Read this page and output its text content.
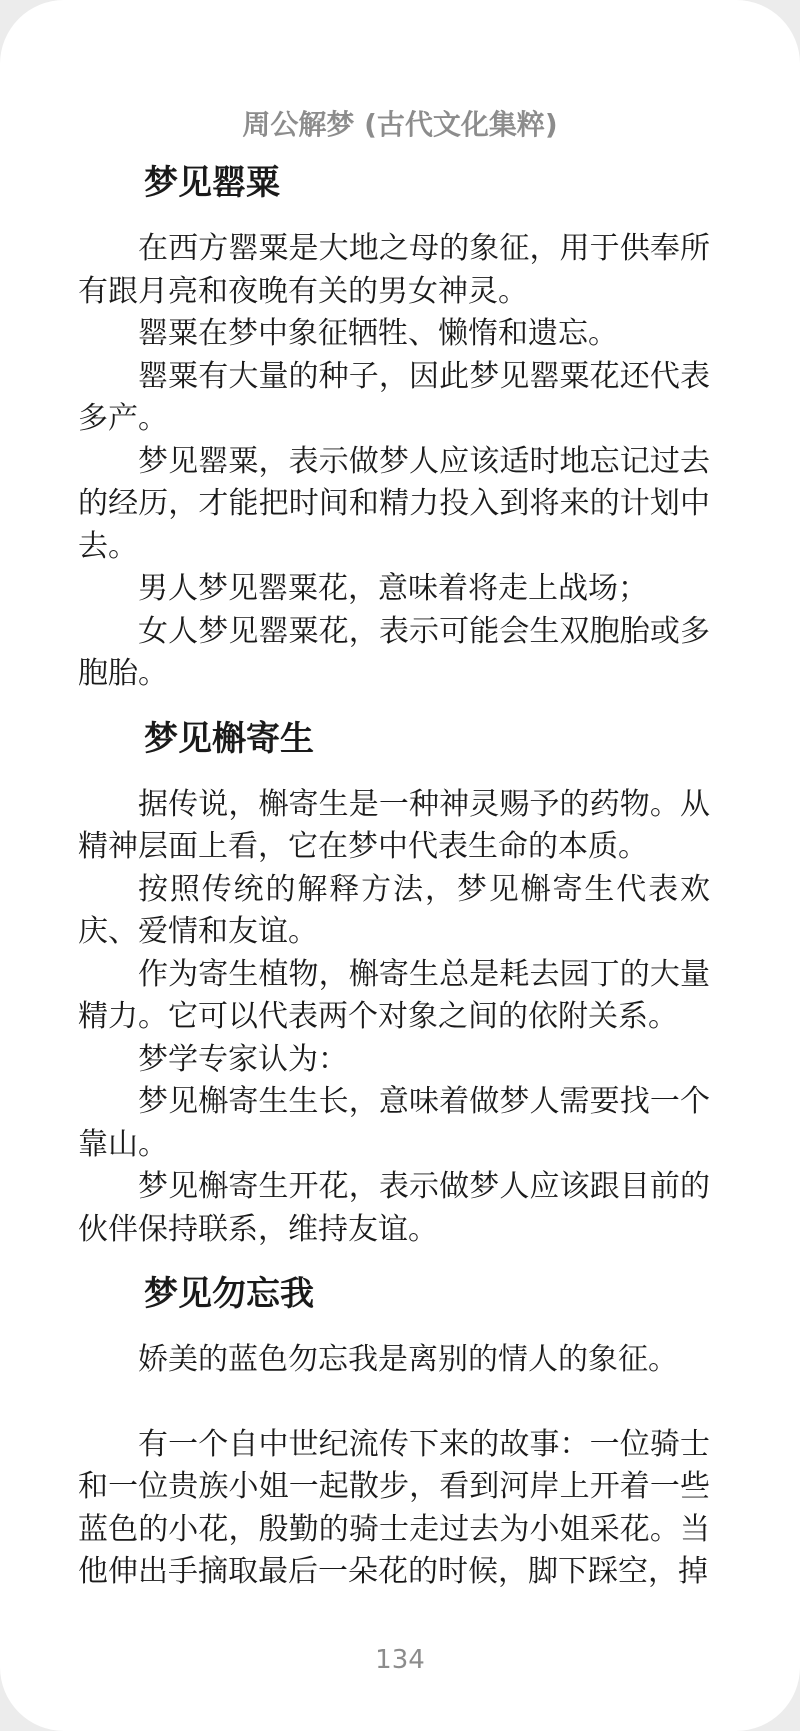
周公解梦 (古代文化集粹)
梦见罂粟

在西方罂粟是大地之母的象征，用于供奉所有跟月亮和夜晚有关的男女神灵。

罂粟在梦中象征牺牲、懒惰和遗忘。

罂粟有大量的种子，因此梦见罂粟花还代表多产。

梦见罂粟，表示做梦人应该适时地忘记过去的经历，才能把时间和精力投入到将来的计划中去。

男人梦见罂粟花，意味着将走上战场；

女人梦见罂粟花，表示可能会生双胞胎或多胞胎。

梦见槲寄生

据传说，槲寄生是一种神灵赐予的药物。从精神层面上看，它在梦中代表生命的本质。

按照传统的解释方法，梦见槲寄生代表欢庆、爱情和友谊。

作为寄生植物，槲寄生总是耗去园丁的大量精力。它可以代表两个对象之间的依附关系。

梦学专家认为：

梦见槲寄生生长，意味着做梦人需要找一个靠山。

梦见槲寄生开花，表示做梦人应该跟目前的伙伴保持联系，维持友谊。

梦见勿忘我

娇美的蓝色勿忘我是离别的情人的象征。

有一个自中世纪流传下来的故事：一位骑士和一位贵族小姐一起散步，看到河岸上开着一些蓝色的小花，殷勤的骑士走过去为小姐采花。当他伸出手摘取最后一朵花的时候，脚下踩空，掉

134
